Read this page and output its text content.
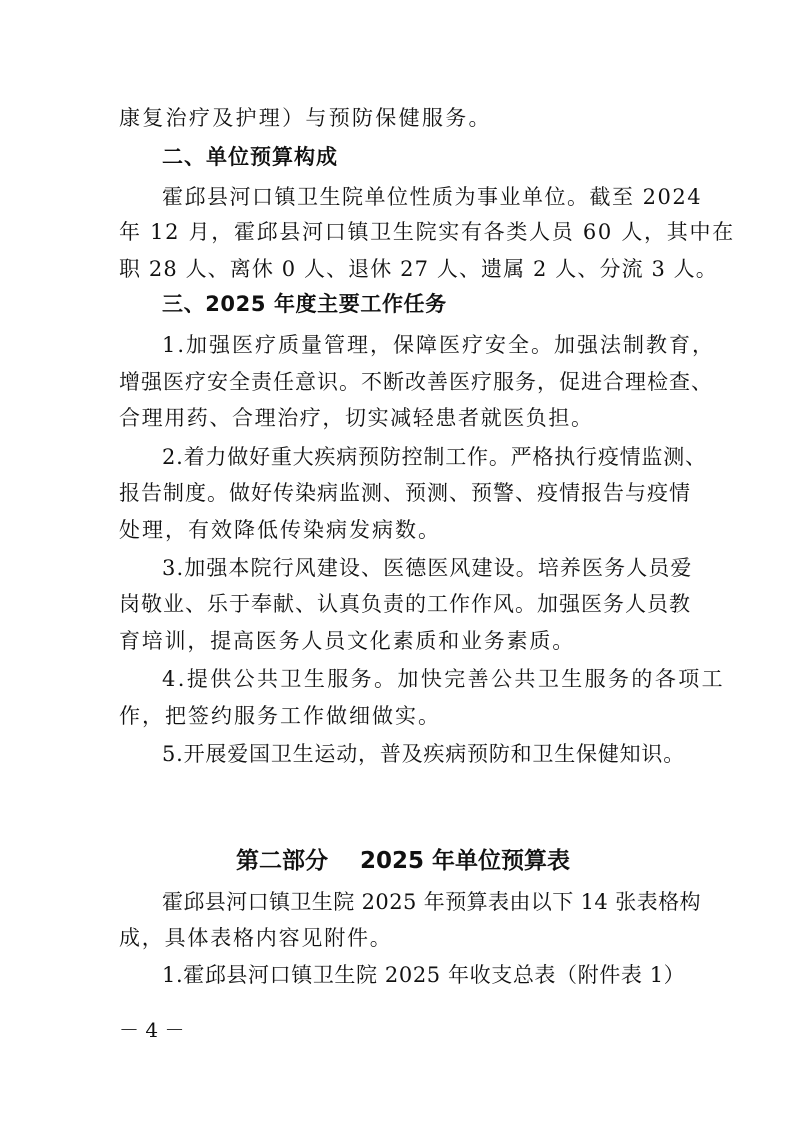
康复治疗及护理）与预防保健服务。
二、单位预算构成
霍邱县河口镇卫生院单位性质为事业单位。截至 2024
年 12 月，霍邱县河口镇卫生院实有各类人员 60 人，其中在
职 28 人、离休 0 人、退休 27 人、遗属 2 人、分流 3 人。
三、2025 年度主要工作任务
1.加强医疗质量管理，保障医疗安全。加强法制教育，
增强医疗安全责任意识。不断改善医疗服务，促进合理检查、
合理用药、合理治疗，切实减轻患者就医负担。
2.着力做好重大疾病预防控制工作。严格执行疫情监测、
报告制度。做好传染病监测、预测、预警、疫情报告与疫情
处理，有效降低传染病发病数。
3.加强本院行风建设、医德医风建设。培养医务人员爱
岗敬业、乐于奉献、认真负责的工作作风。加强医务人员教
育培训，提高医务人员文化素质和业务素质。
4.提供公共卫生服务。加快完善公共卫生服务的各项工
作，把签约服务工作做细做实。
5.开展爱国卫生运动，普及疾病预防和卫生保健知识。
第二部分    2025 年单位预算表
霍邱县河口镇卫生院 2025 年预算表由以下 14 张表格构
成，具体表格内容见附件。
1.霍邱县河口镇卫生院 2025 年收支总表（附件表 1）
－ 4 －
